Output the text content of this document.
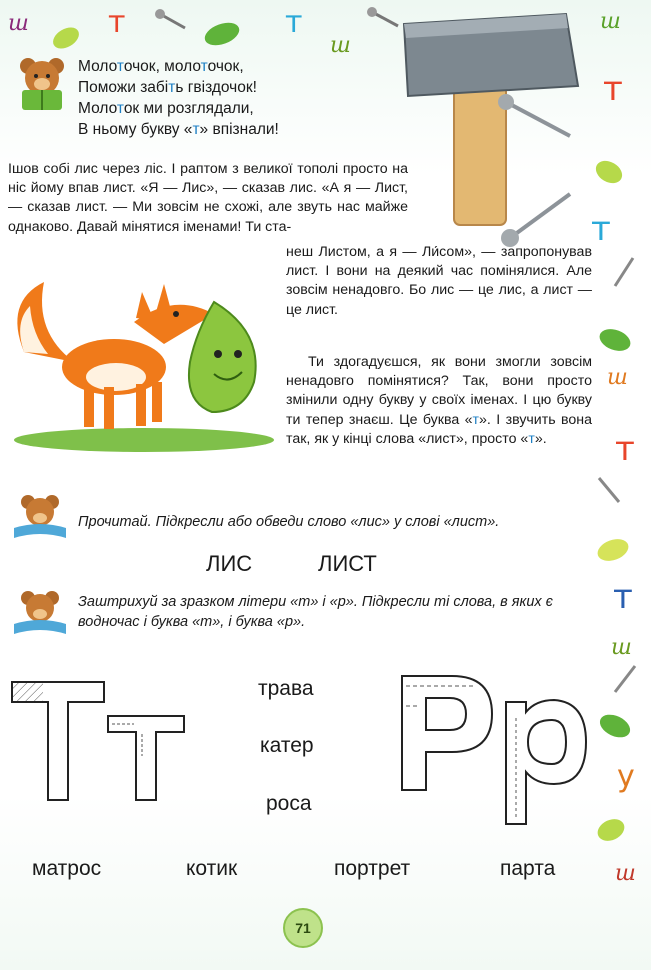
ш	т	т
ш
ш
Молоточок, молоточок,
Поможи забіть гвіздочок!
Молоток ми розглядали,
В ньому букву «т» впізнали!
т
т
ш
т
т
ш
у
ш

Ішов собі лис через ліс. І раптом з великої тополі просто на ніс йому впав лист. «Я — Лис», — сказав лис. «А я — Лист, — сказав лист. — Ми зовсім не схожі, але звуть нас майже однаково. Давай мінятися іменами! Ти ста-

неш Листом, а я — Ли́сом», — запропонував лист. І вони на деякий час помінялися. Але зовсім ненадовго. Бо лис — це лис, а лист — це лист.

Ти здогадуєшся, як вони змогли зовсім ненадовго помінятися? Так, вони просто змінили одну букву у своїх іменах. І цю букву ти тепер знаєш. Це буква «т». І звучить вона так, як у кінці слова «лист», просто «т».

Прочитай. Підкресли або обведи слово «лис» у слові «лист».
ЛИС	ЛИСТ
Заштрихуй за зразком літери «т» і «р». Підкресли ті слова, в яких є водночас і буква «т», і буква «р».
трава
катер
роса
матрос	котик	портрет	парта
71
